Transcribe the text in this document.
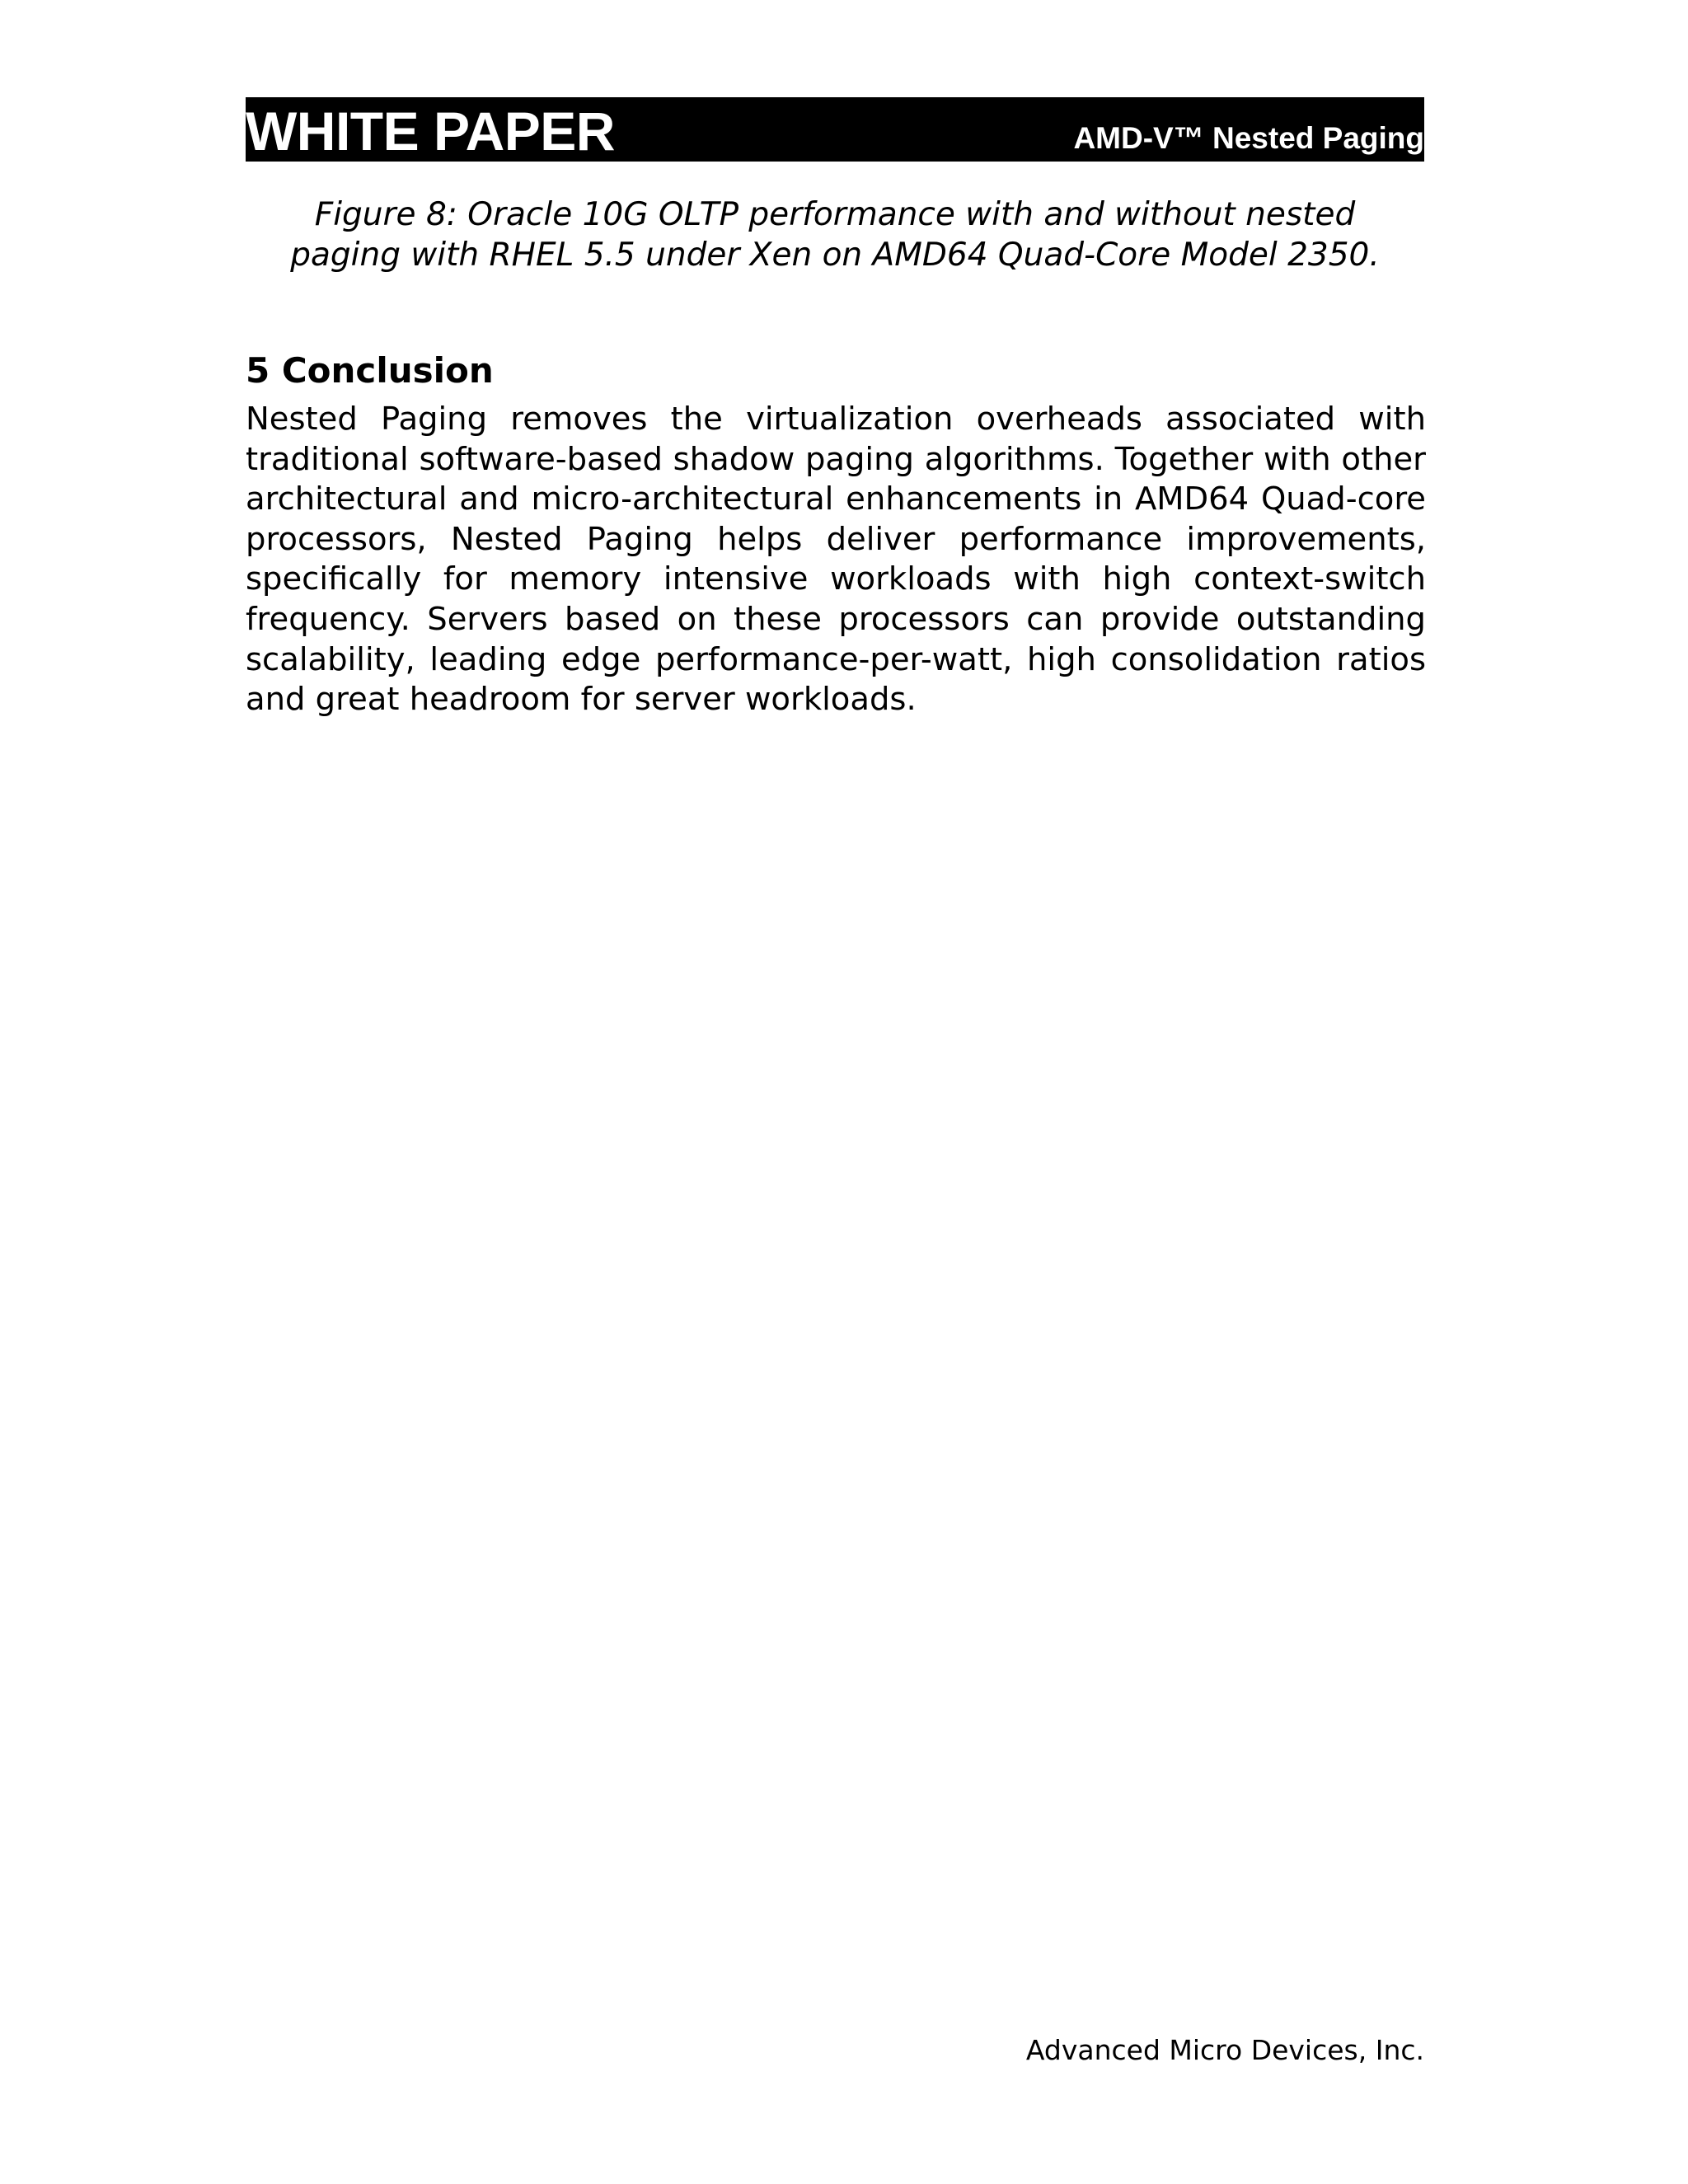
WHITE PAPER	AMD-V™ Nested Paging
Figure 8: Oracle 10G OLTP performance with and without nested
paging with RHEL 5.5 under Xen on AMD64 Quad-Core Model 2350.
5 Conclusion
Nested Paging removes the virtualization overheads associated with traditional software-based shadow paging algorithms. Together with other architectural and micro-architectural enhancements in AMD64 Quad-core processors, Nested Paging helps deliver performance improvements, specifically for memory intensive workloads with high context-switch frequency. Servers based on these processors can provide outstanding scalability, leading edge performance-per-watt, high consolidation ratios and great headroom for server workloads.
Advanced Micro Devices, Inc.
